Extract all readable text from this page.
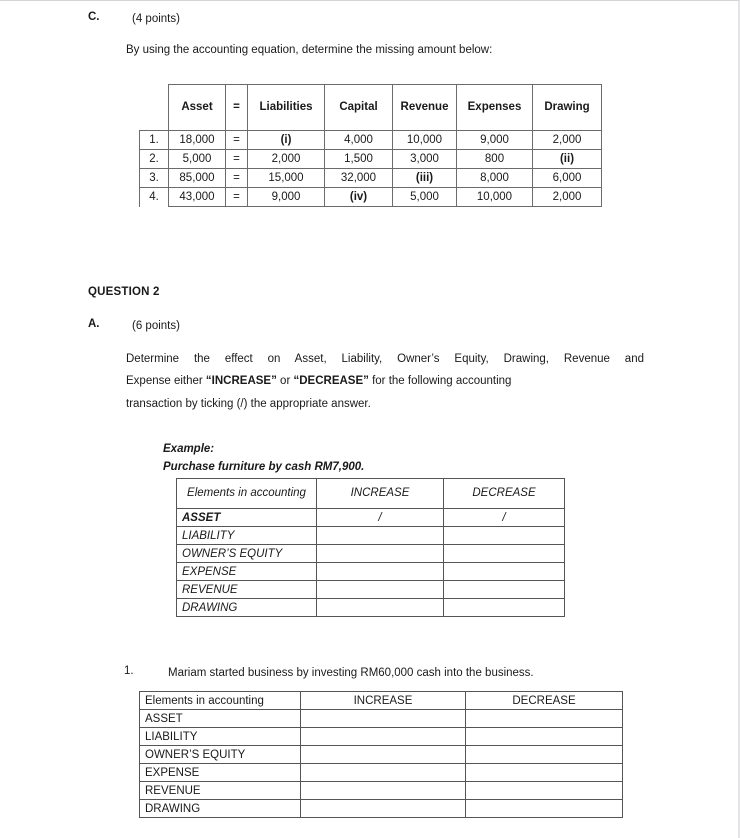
C.	(4 points)
By using the accounting equation, determine the missing amount below:
	Asset	=	Liabilities	Capital	Revenue	Expenses	Drawing
1.	18,000	=	(i)	4,000	10,000	9,000	2,000
2.	5,000	=	2,000	1,500	3,000	800	(ii)
3.	85,000	=	15,000	32,000	(iii)	8,000	6,000
4.	43,000	=	9,000	(iv)	5,000	10,000	2,000
QUESTION 2
A.	(6 points)
Determine the effect on Asset, Liability, Owner’s Equity, Drawing, Revenue and
Expense either “INCREASE” or “DECREASE” for the following accounting
transaction by ticking (/) the appropriate answer.
Example:
Purchase furniture by cash RM7,900.
Elements in accounting	INCREASE	DECREASE
ASSET	/	/
LIABILITY		
OWNER’S EQUITY		
EXPENSE		
REVENUE		
DRAWING		
1.	Mariam started business by investing RM60,000 cash into the business.
Elements in accounting	INCREASE	DECREASE
ASSET		
LIABILITY		
OWNER’S EQUITY		
EXPENSE		
REVENUE		
DRAWING		
